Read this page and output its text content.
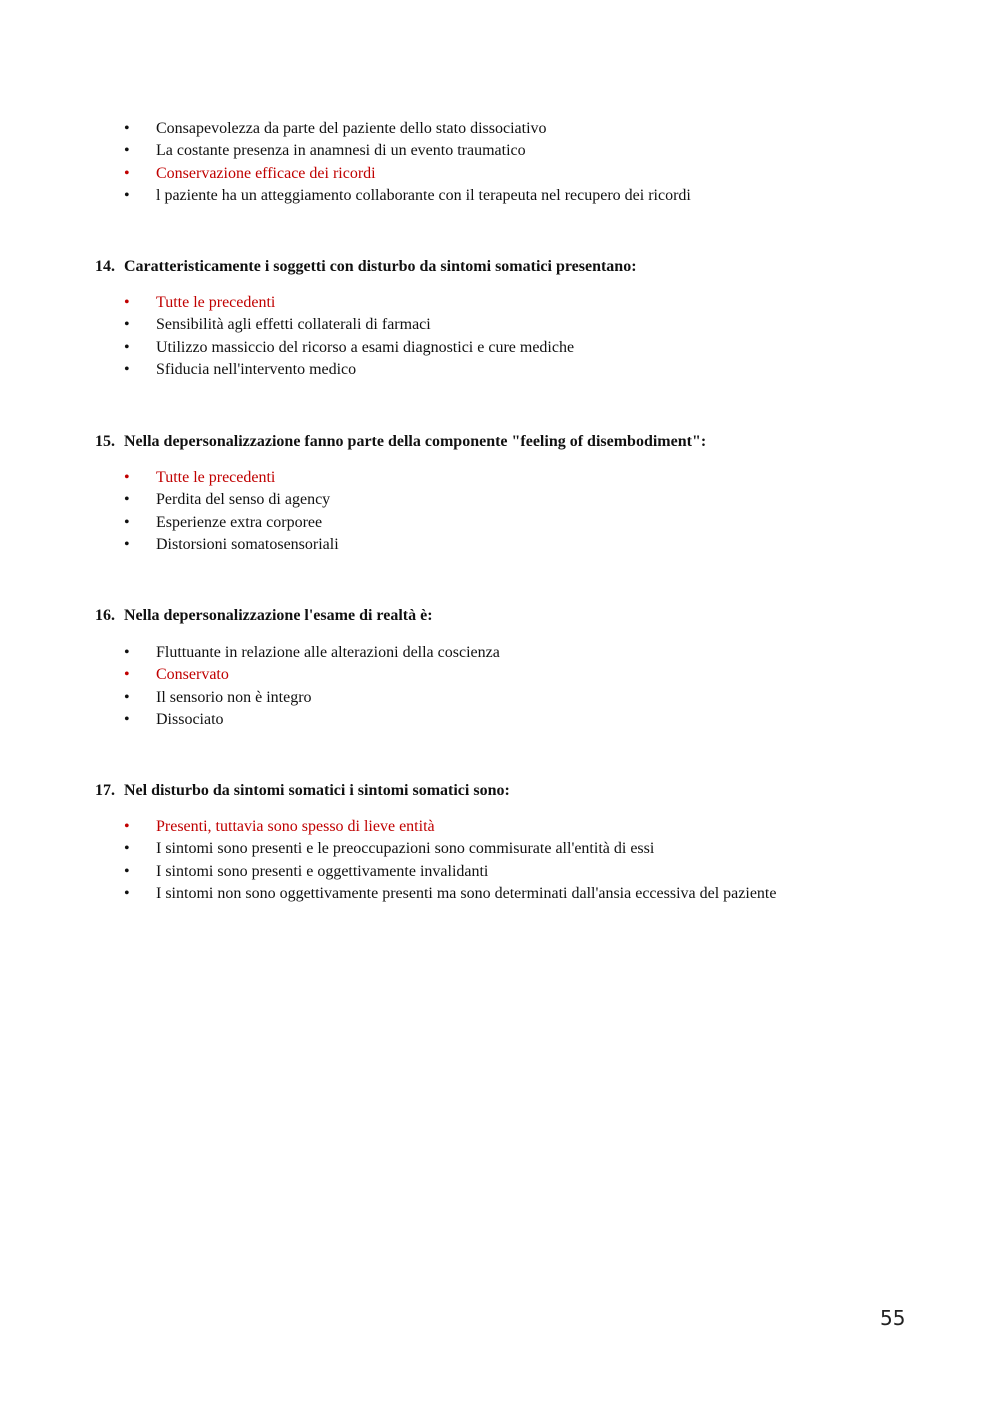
• Consapevolezza da parte del paziente dello stato dissociativo
• La costante presenza in anamnesi di un evento traumatico
• Conservazione efficace dei ricordi
• l paziente ha un atteggiamento collaborante con il terapeuta nel recupero dei ricordi
14. Caratteristicamente i soggetti con disturbo da sintomi somatici presentano:
• Tutte le precedenti
• Sensibilità agli effetti collaterali di farmaci
• Utilizzo massiccio del ricorso a esami diagnostici e cure mediche
• Sfiducia nell'intervento medico
15. Nella depersonalizzazione fanno parte della componente "feeling of disembodiment":
• Tutte le precedenti
• Perdita del senso di agency
• Esperienze extra corporee
• Distorsioni somatosensoriali
16. Nella depersonalizzazione l'esame di realtà è:
• Fluttuante in relazione alle alterazioni della coscienza
• Conservato
• Il sensorio non è integro
• Dissociato
17. Nel disturbo da sintomi somatici i sintomi somatici sono:
• Presenti, tuttavia sono spesso di lieve entità
• I sintomi sono presenti e le preoccupazioni sono commisurate all'entità di essi
• I sintomi sono presenti e oggettivamente invalidanti
• I sintomi non sono oggettivamente presenti ma sono determinati dall'ansia eccessiva del paziente
55
